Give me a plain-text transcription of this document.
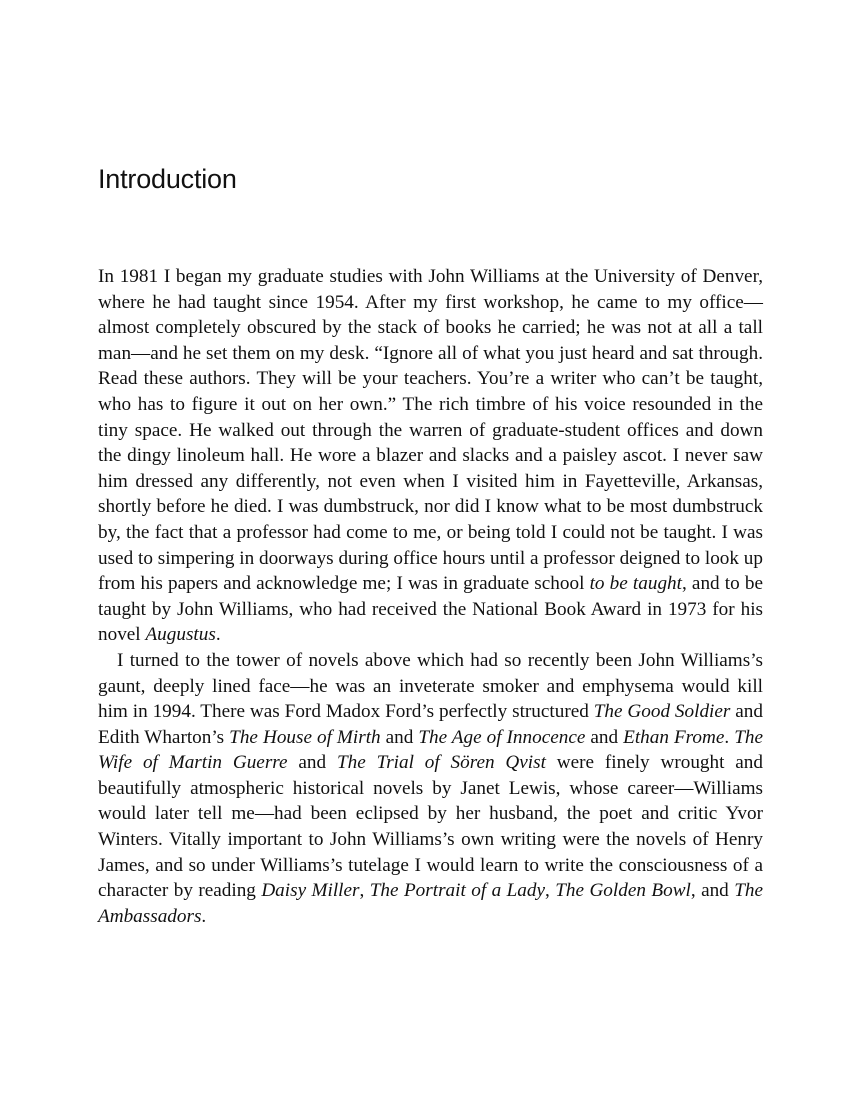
Introduction

In 1981 I began my graduate studies with John Williams at the University of Denver, where he had taught since 1954. After my first workshop, he came to my office—almost completely obscured by the stack of books he carried; he was not at all a tall man—and he set them on my desk. “Ignore all of what you just heard and sat through. Read these authors. They will be your teachers. You’re a writer who can’t be taught, who has to figure it out on her own.” The rich timbre of his voice resounded in the tiny space. He walked out through the warren of graduate-student offices and down the dingy linoleum hall. He wore a blazer and slacks and a paisley ascot. I never saw him dressed any differently, not even when I visited him in Fayetteville, Arkansas, shortly before he died. I was dumbstruck, nor did I know what to be most dumbstruck by, the fact that a professor had come to me, or being told I could not be taught. I was used to simpering in doorways during office hours until a professor deigned to look up from his papers and acknowledge me; I was in graduate school to be taught, and to be taught by John Williams, who had received the National Book Award in 1973 for his novel Augustus.

I turned to the tower of novels above which had so recently been John Williams’s gaunt, deeply lined face—he was an inveterate smoker and emphysema would kill him in 1994. There was Ford Madox Ford’s perfectly structured The Good Soldier and Edith Wharton’s The House of Mirth and The Age of Innocence and Ethan Frome. The Wife of Martin Guerre and The Trial of Sören Qvist were finely wrought and beautifully atmospheric historical novels by Janet Lewis, whose career—Williams would later tell me—had been eclipsed by her husband, the poet and critic Yvor Winters. Vitally important to John Williams’s own writing were the novels of Henry James, and so under Williams’s tutelage I would learn to write the consciousness of a character by reading Daisy Miller, The Portrait of a Lady, The Golden Bowl, and The Ambassadors.
